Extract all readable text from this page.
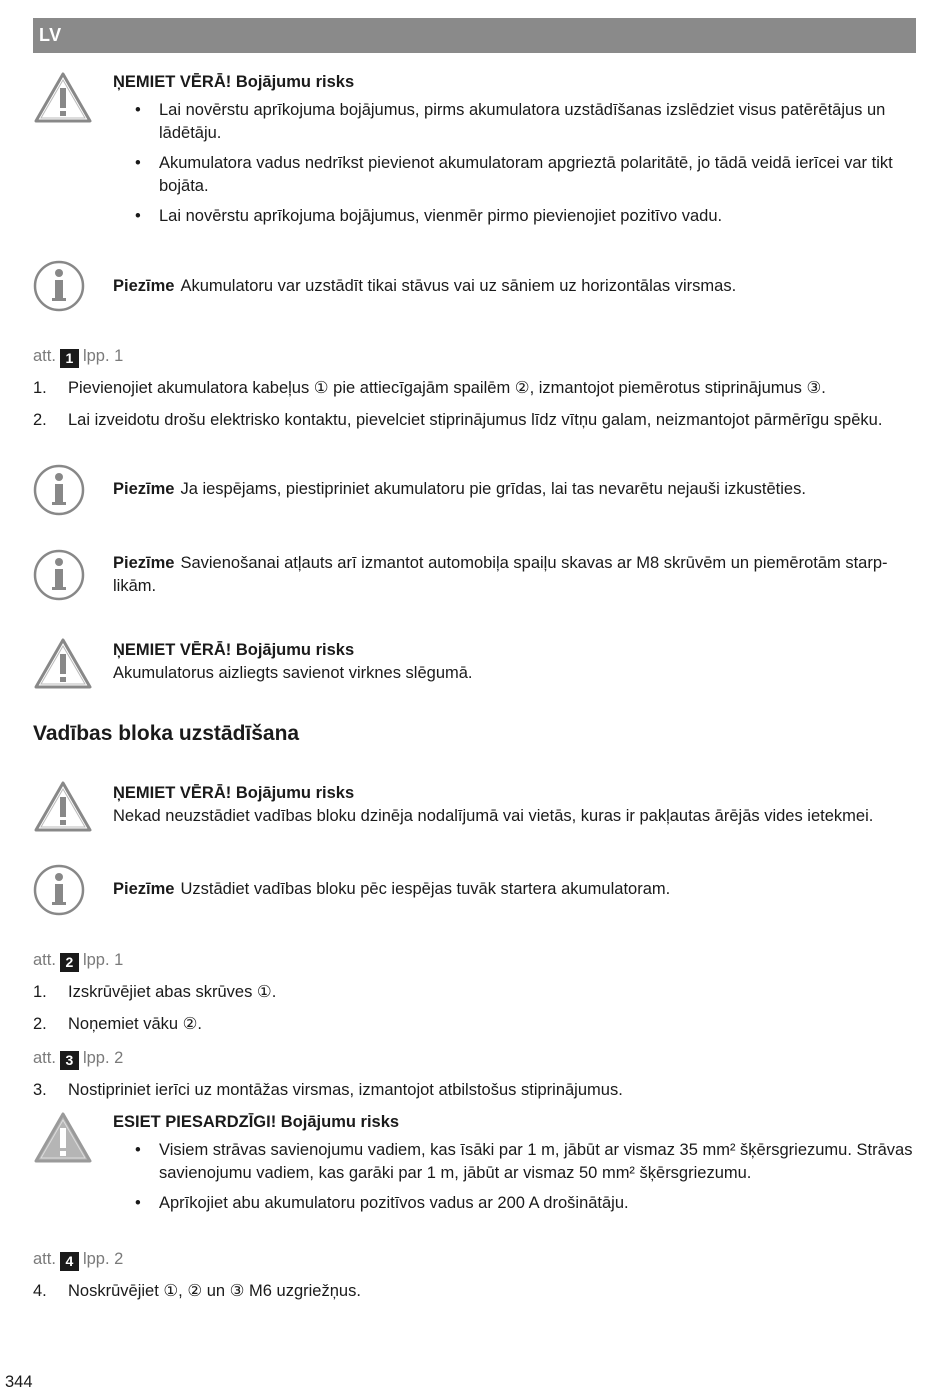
LV
ŅEMIET VĒRĀ! Bojājumu risks
• Lai novērstu aprīkojuma bojājumus, pirms akumulatora uzstādīšanas izslēdziet visus patērētājus un lādētāju.
• Akumulatora vadus nedrīkst pievienot akumulatoram apgrieztā polaritātē, jo tādā veidā ierīcei var tikt bojāta.
• Lai novērstu aprīkojuma bojājumus, vienmēr pirmo pievienojiet pozitīvo vadu.
Piezīme Akumulatoru var uzstādīt tikai stāvus vai uz sāniem uz horizontālas virsmas.
att. 1 lpp. 1
1. Pievienojiet akumulatora kabeļus ① pie attiecīgajām spailēm ②, izmantojot piemērotus stiprinājumus ③.
2. Lai izveidotu drošu elektrisko kontaktu, pievelciet stiprinājumus līdz vītņu galam, neizmantojot pārmērīgu spēku.
Piezīme Ja iespējams, piestipriniet akumulatoru pie grīdas, lai tas nevarētu nejauši izkustēties.
Piezīme Savienošanai atļauts arī izmantot automobiļa spaiļu skavas ar M8 skrūvēm un piemērotām starplikām.
ŅEMIET VĒRĀ! Bojājumu risks
Akumulatorus aizliegts savienot virknes slēgumā.
Vadības bloka uzstādīšana
ŅEMIET VĒRĀ! Bojājumu risks
Nekad neuzstādiet vadības bloku dzinēja nodalījumā vai vietās, kuras ir pakļautas ārējās vides ietekmei.
Piezīme Uzstādiet vadības bloku pēc iespējas tuvāk startera akumulatoram.
att. 2 lpp. 1
1. Izskrūvējiet abas skrūves ①.
2. Noņemiet vāku ②.
att. 3 lpp. 2
3. Nostipriniet ierīci uz montāžas virsmas, izmantojot atbilstošus stiprinājumus.
ESIET PIESARDZĪGI! Bojājumu risks
• Visiem strāvas savienojumu vadiem, kas īsāki par 1 m, jābūt ar vismaz 35 mm² šķērsgriezumu. Strāvas savienojumu vadiem, kas garāki par 1 m, jābūt ar vismaz 50 mm² šķērsgriezumu.
• Aprīkojiet abu akumulatoru pozitīvos vadus ar 200 A drošinātāju.
att. 4 lpp. 2
4. Noskrūvējiet ①, ② un ③ M6 uzgriežņus.
344
